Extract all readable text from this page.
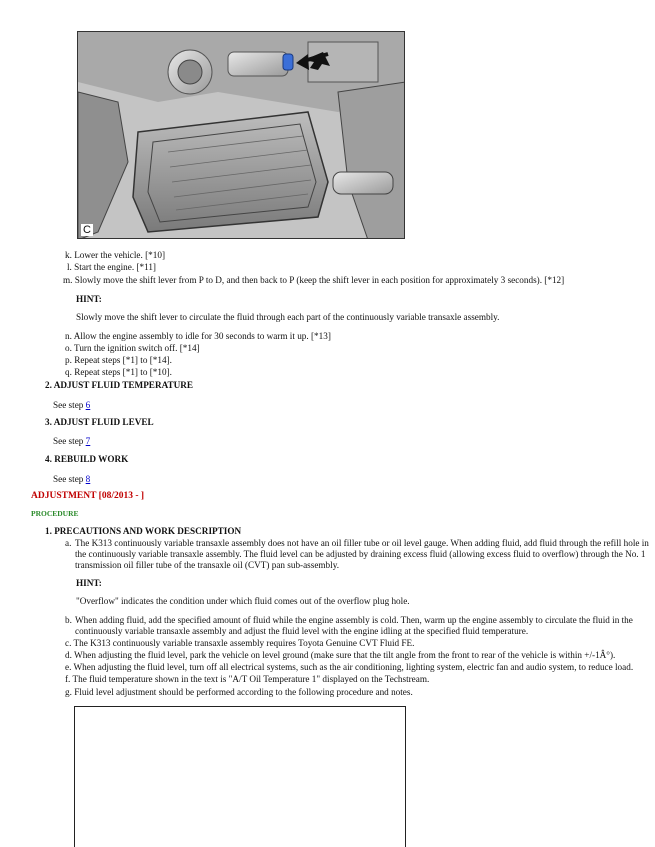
C
k. Lower the vehicle. [*10]
l. Start the engine. [*11]
m. Slowly move the shift lever from P to D, and then back to P (keep the shift lever in each position for approximately 3 seconds). [*12]
HINT:
Slowly move the shift lever to circulate the fluid through each part of the continuously variable transaxle assembly.
n. Allow the engine assembly to idle for 30 seconds to warm it up. [*13]
o. Turn the ignition switch off. [*14]
p. Repeat steps [*1] to [*14].
q. Repeat steps [*1] to [*10].
2. ADJUST FLUID TEMPERATURE
See step 6
3. ADJUST FLUID LEVEL
See step 7
4. REBUILD WORK
See step 8
ADJUSTMENT [08/2013 - ]
PROCEDURE
1. PRECAUTIONS AND WORK DESCRIPTION
a. The K313 continuously variable transaxle assembly does not have an oil filler tube or oil level gauge. When adding fluid, add fluid through the refill hole in
the continuously variable transaxle assembly. The fluid level can be adjusted by draining excess fluid (allowing excess fluid to overflow) through the No. 1
transmission oil filler tube of the transaxle oil (CVT) pan sub-assembly.
HINT:
"Overflow" indicates the condition under which fluid comes out of the overflow plug hole.
b. When adding fluid, add the specified amount of fluid while the engine assembly is cold. Then, warm up the engine assembly to circulate the fluid in the
continuously variable transaxle assembly and adjust the fluid level with the engine idling at the specified fluid temperature.
c. The K313 continuously variable transaxle assembly requires Toyota Genuine CVT Fluid FE.
d. When adjusting the fluid level, park the vehicle on level ground (make sure that the tilt angle from the front to rear of the vehicle is within +/-1Â°).
e. When adjusting the fluid level, turn off all electrical systems, such as the air conditioning, lighting system, electric fan and audio system, to reduce load.
f. The fluid temperature shown in the text is "A/T Oil Temperature 1" displayed on the Techstream.
g. Fluid level adjustment should be performed according to the following procedure and notes.
